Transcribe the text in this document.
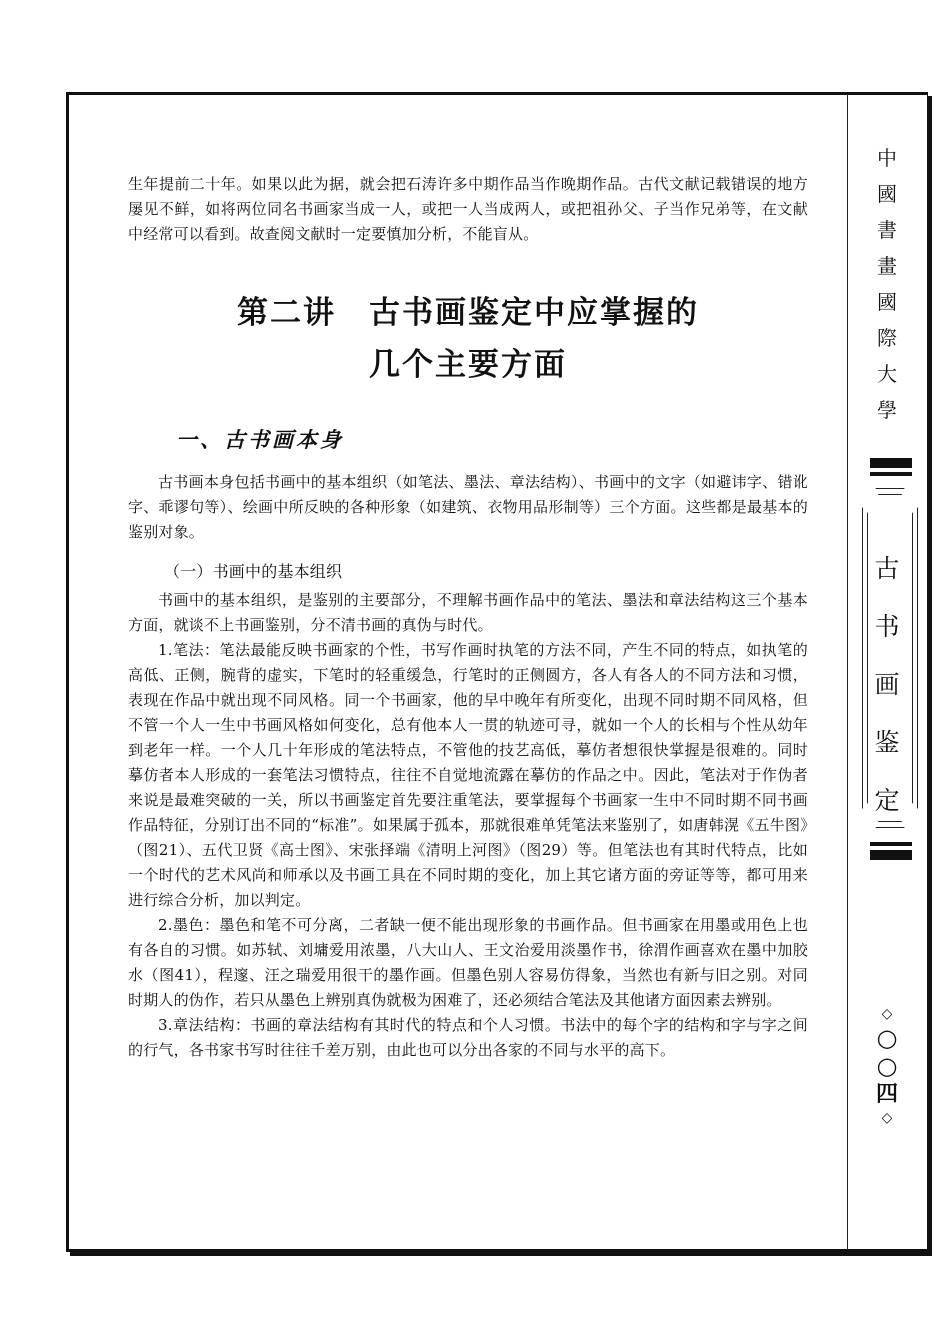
生年提前二十年。如果以此为据，就会把石涛许多中期作品当作晚期作品。古代文献记载错误的地方屡见不鲜，如将两位同名书画家当成一人，或把一人当成两人，或把祖孙父、子当作兄弟等，在文献中经常可以看到。故查阅文献时一定要慎加分析，不能盲从。

第二讲　古书画鉴定中应掌握的
几个主要方面
一、古书画本身

古书画本身包括书画中的基本组织（如笔法、墨法、章法结构）、书画中的文字（如避讳字、错讹字、乖谬句等）、绘画中所反映的各种形象（如建筑、衣物用品形制等）三个方面。这些都是最基本的鉴别对象。

（一）书画中的基本组织

书画中的基本组织，是鉴别的主要部分，不理解书画作品中的笔法、墨法和章法结构这三个基本方面，就谈不上书画鉴别，分不清书画的真伪与时代。

1.笔法：笔法最能反映书画家的个性，书写作画时执笔的方法不同，产生不同的特点，如执笔的高低、正侧，腕背的虚实，下笔时的轻重缓急，行笔时的正侧圆方，各人有各人的不同方法和习惯，表现在作品中就出现不同风格。同一个书画家，他的早中晚年有所变化，出现不同时期不同风格，但不管一个人一生中书画风格如何变化，总有他本人一贯的轨迹可寻，就如一个人的长相与个性从幼年到老年一样。一个人几十年形成的笔法特点，不管他的技艺高低，摹仿者想很快掌握是很难的。同时摹仿者本人形成的一套笔法习惯特点，往往不自觉地流露在摹仿的作品之中。因此，笔法对于作伪者来说是最难突破的一关，所以书画鉴定首先要注重笔法，要掌握每个书画家一生中不同时期不同书画作品特征，分别订出不同的“标准”。如果属于孤本，那就很难单凭笔法来鉴别了，如唐韩滉《五牛图》（图21）、五代卫贤《高士图》、宋张择端《清明上河图》（图29）等。但笔法也有其时代特点，比如一个时代的艺术风尚和师承以及书画工具在不同时期的变化，加上其它诸方面的旁证等等，都可用来进行综合分析，加以判定。

2.墨色：墨色和笔不可分离，二者缺一便不能出现形象的书画作品。但书画家在用墨或用色上也有各自的习惯。如苏轼、刘墉爱用浓墨，八大山人、王文治爱用淡墨作书，徐渭作画喜欢在墨中加胶水（图41），程邃、汪之瑞爱用很干的墨作画。但墨色别人容易仿得象，当然也有新与旧之别。对同时期人的伪作，若只从墨色上辨别真伪就极为困难了，还必须结合笔法及其他诸方面因素去辨别。

3.章法结构：书画的章法结构有其时代的特点和个人习惯。书法中的每个字的结构和字与字之间的行气，各书家书写时往往千差万别，由此也可以分出各家的不同与水平的高下。

中
國
書
畫
國
際
大
學
古
书
画
鉴
定
◇
○
○
四
◇
